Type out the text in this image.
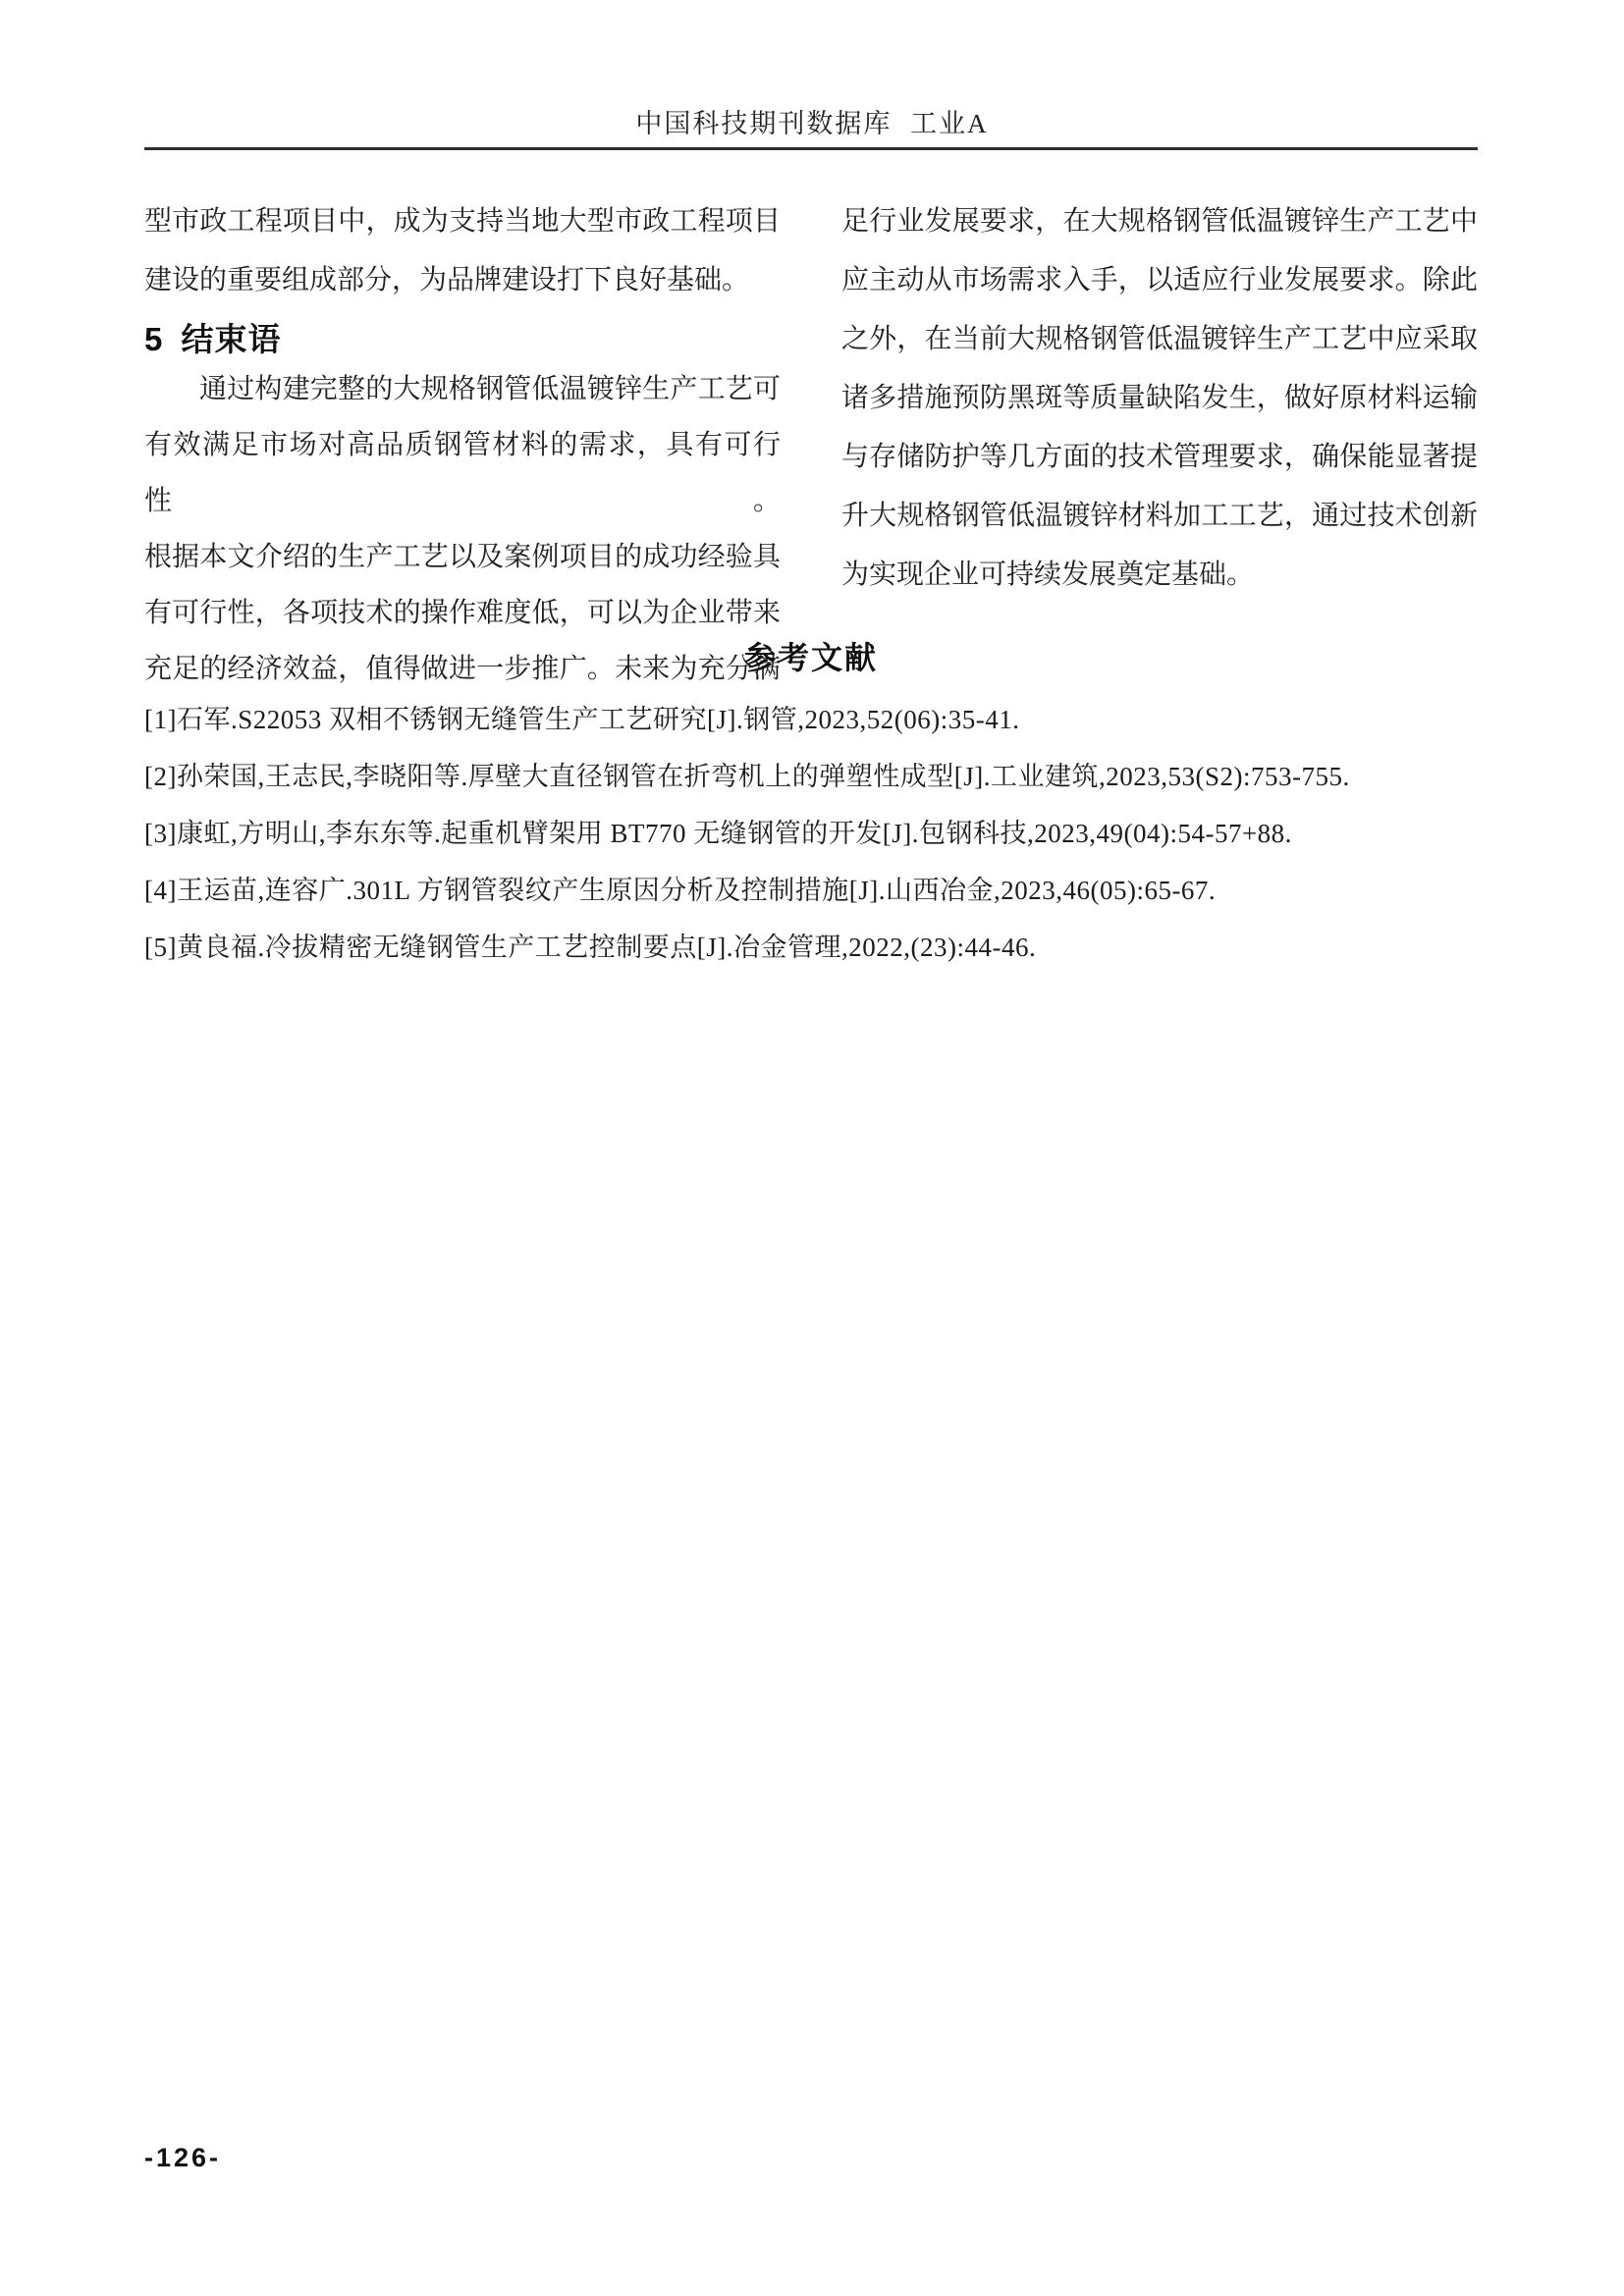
中国科技期刊数据库 工业A

型市政工程项目中，成为支持当地大型市政工程项目

建设的重要组成部分，为品牌建设打下良好基础。

5 结束语

通过构建完整的大规格钢管低温镀锌生产工艺可

有效满足市场对高品质钢管材料的需求，具有可行性。

根据本文介绍的生产工艺以及案例项目的成功经验具

有可行性，各项技术的操作难度低，可以为企业带来

充足的经济效益，值得做进一步推广。未来为充分满

足行业发展要求，在大规格钢管低温镀锌生产工艺中

应主动从市场需求入手，以适应行业发展要求。除此

之外，在当前大规格钢管低温镀锌生产工艺中应采取

诸多措施预防黑斑等质量缺陷发生，做好原材料运输

与存储防护等几方面的技术管理要求，确保能显著提

升大规格钢管低温镀锌材料加工工艺，通过技术创新

为实现企业可持续发展奠定基础。

参考文献

[1]石军.S22053 双相不锈钢无缝管生产工艺研究[J].钢管,2023,52(06):35-41.

[2]孙荣国,王志民,李晓阳等.厚壁大直径钢管在折弯机上的弹塑性成型[J].工业建筑,2023,53(S2):753-755.

[3]康虹,方明山,李东东等.起重机臂架用 BT770 无缝钢管的开发[J].包钢科技,2023,49(04):54-57+88.

[4]王运苗,连容广.301L 方钢管裂纹产生原因分析及控制措施[J].山西冶金,2023,46(05):65-67.

[5]黄良福.冷拔精密无缝钢管生产工艺控制要点[J].冶金管理,2022,(23):44-46.

-126-
